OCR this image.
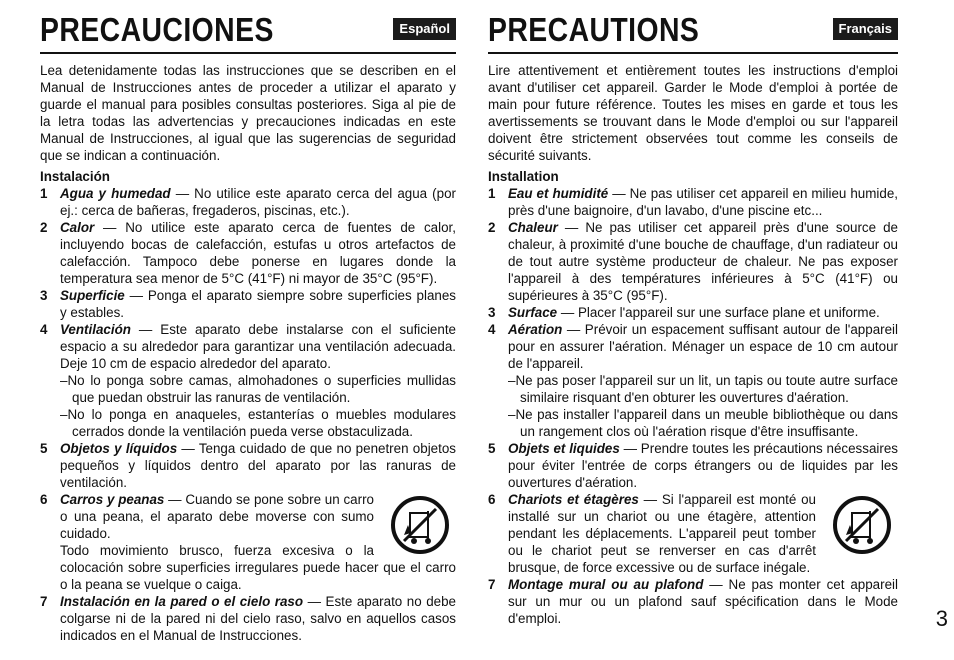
PRECAUCIONES	Español

Lea detenidamente todas las instrucciones que se describen en el Manual de Instrucciones antes de proceder a utilizar el aparato y guarde el manual para posibles consultas posteriores. Siga al pie de la letra todas las advertencias y precauciones indicadas en este Manual de Instrucciones, al igual que las sugerencias de seguridad que se indican a continuación.

Instalación
1 Agua y humedad — No utilice este aparato cerca del agua (por ej.: cerca de bañeras, fregaderos, piscinas, etc.).
2 Calor — No utilice este aparato cerca de fuentes de calor, incluyendo bocas de calefacción, estufas u otros artefactos de calefacción. Tampoco debe ponerse en lugares donde la temperatura sea menor de 5°C (41°F) ni mayor de 35°C (95°F).
3 Superficie — Ponga el aparato siempre sobre superficies planes y estables.
4 Ventilación — Este aparato debe instalarse con el suficiente espacio a su alrededor para garantizar una ventilación adecuada. Deje 10 cm de espacio alrededor del aparato.
–No lo ponga sobre camas, almohadones o superficies mullidas que puedan obstruir las ranuras de ventilación.
–No lo ponga en anaqueles, estanterías o muebles modulares cerrados donde la ventilación pueda verse obstaculizada.
5 Objetos y líquidos — Tenga cuidado de que no penetren objetos pequeños y líquidos dentro del aparato por las ranuras de ventilación.
6 Carros y peanas — Cuando se pone sobre un carro o una peana, el aparato debe moverse con sumo cuidado.
Todo movimiento brusco, fuerza excesiva o la colocación sobre superficies irregulares puede hacer que el carro o la peana se vuelque o caiga.
7 Instalación en la pared o el cielo raso — Este aparato no debe colgarse ni de la pared ni del cielo raso, salvo en aquellos casos indicados en el Manual de Instrucciones.
PRECAUTIONS	Français

Lire attentivement et entièrement toutes les instructions d'emploi avant d'utiliser cet appareil. Garder le Mode d'emploi à portée de main pour future référence. Toutes les mises en garde et tous les avertissements se trouvant dans le Mode d'emploi ou sur l'appareil doivent être strictement observées tout comme les conseils de sécurité suivants.

Installation
1 Eau et humidité — Ne pas utiliser cet appareil en milieu humide, près d'une baignoire, d'un lavabo, d'une piscine etc...
2 Chaleur — Ne pas utiliser cet appareil près d'une source de chaleur, à proximité d'une bouche de chauffage, d'un radiateur ou de tout autre système producteur de chaleur. Ne pas exposer l'appareil à des températures inférieures à 5°C (41°F) ou supérieures à 35°C (95°F).
3 Surface — Placer l'appareil sur une surface plane et uniforme.
4 Aération — Prévoir un espacement suffisant autour de l'appareil pour en assurer l'aération. Ménager un espace de 10 cm autour de l'appareil.
–Ne pas poser l'appareil sur un lit, un tapis ou toute autre surface similaire risquant d'en obturer les ouvertures d'aération.
–Ne pas installer l'appareil dans un meuble bibliothèque ou dans un rangement clos où l'aération risque d'être insuffisante.
5 Objets et liquides — Prendre toutes les précautions nécessaires pour éviter l'entrée de corps étrangers ou de liquides par les ouvertures d'aération.
6 Chariots et étagères — Si l'appareil est monté ou installé sur un chariot ou une étagère, attention pendant les déplacements. L'appareil peut tomber ou le chariot peut se renverser en cas d'arrêt brusque, de force excessive ou de surface inégale.
7 Montage mural ou au plafond — Ne pas monter cet appareil sur un mur ou un plafond sauf spécification dans le Mode d'emploi.	3
